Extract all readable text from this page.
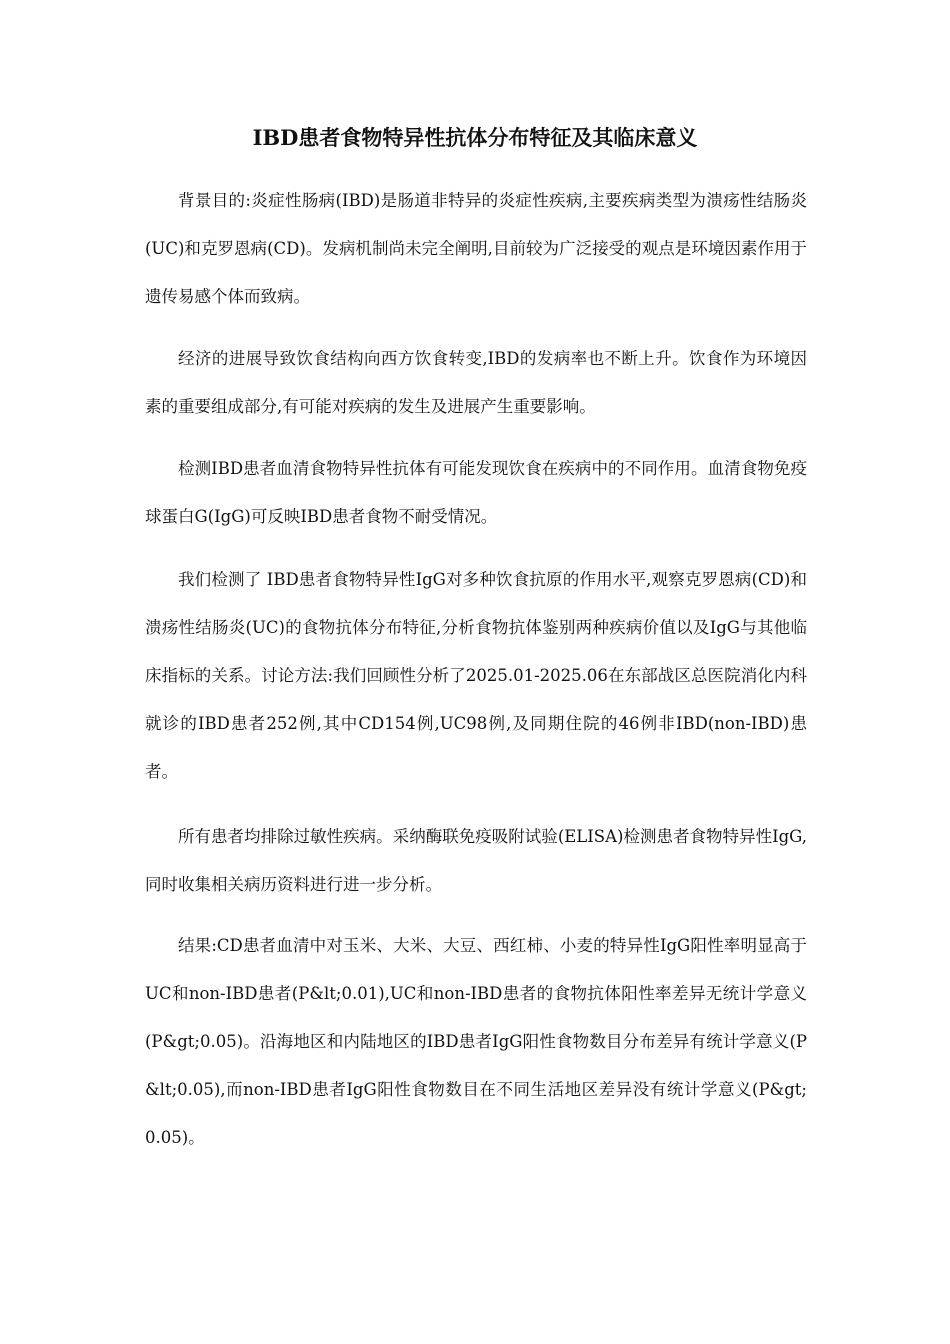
IBD患者食物特异性抗体分布特征及其临床意义

背景目的:炎症性肠病(IBD)是肠道非特异的炎症性疾病,主要疾病类型为溃疡性结肠炎(UC)和克罗恩病(CD)。发病机制尚未完全阐明,目前较为广泛接受的观点是环境因素作用于遗传易感个体而致病。

经济的进展导致饮食结构向西方饮食转变,IBD的发病率也不断上升。饮食作为环境因素的重要组成部分,有可能对疾病的发生及进展产生重要影响。

检测IBD患者血清食物特异性抗体有可能发现饮食在疾病中的不同作用。血清食物免疫球蛋白G(IgG)可反映IBD患者食物不耐受情况。

我们检测了 IBD患者食物特异性IgG对多种饮食抗原的作用水平,观察克罗恩病(CD)和溃疡性结肠炎(UC)的食物抗体分布特征,分析食物抗体鉴别两种疾病价值以及IgG与其他临床指标的关系。讨论方法:我们回顾性分析了2025.01-2025.06在东部战区总医院消化内科就诊的IBD患者252例,其中CD154例,UC98例,及同期住院的46例非IBD(non-IBD)患者。

所有患者均排除过敏性疾病。采纳酶联免疫吸附试验(ELISA)检测患者食物特异性IgG,同时收集相关病历资料进行进一步分析。

结果:CD患者血清中对玉米、大米、大豆、西红柿、小麦的特异性IgG阳性率明显高于UC和non-IBD患者(P&lt;0.01),UC和non-IBD患者的食物抗体阳性率差异无统计学意义(P&gt;0.05)。沿海地区和内陆地区的IBD患者IgG阳性食物数目分布差异有统计学意义(P&lt;0.05),而non-IBD患者IgG阳性食物数目在不同生活地区差异没有统计学意义(P&gt;0.05)。
